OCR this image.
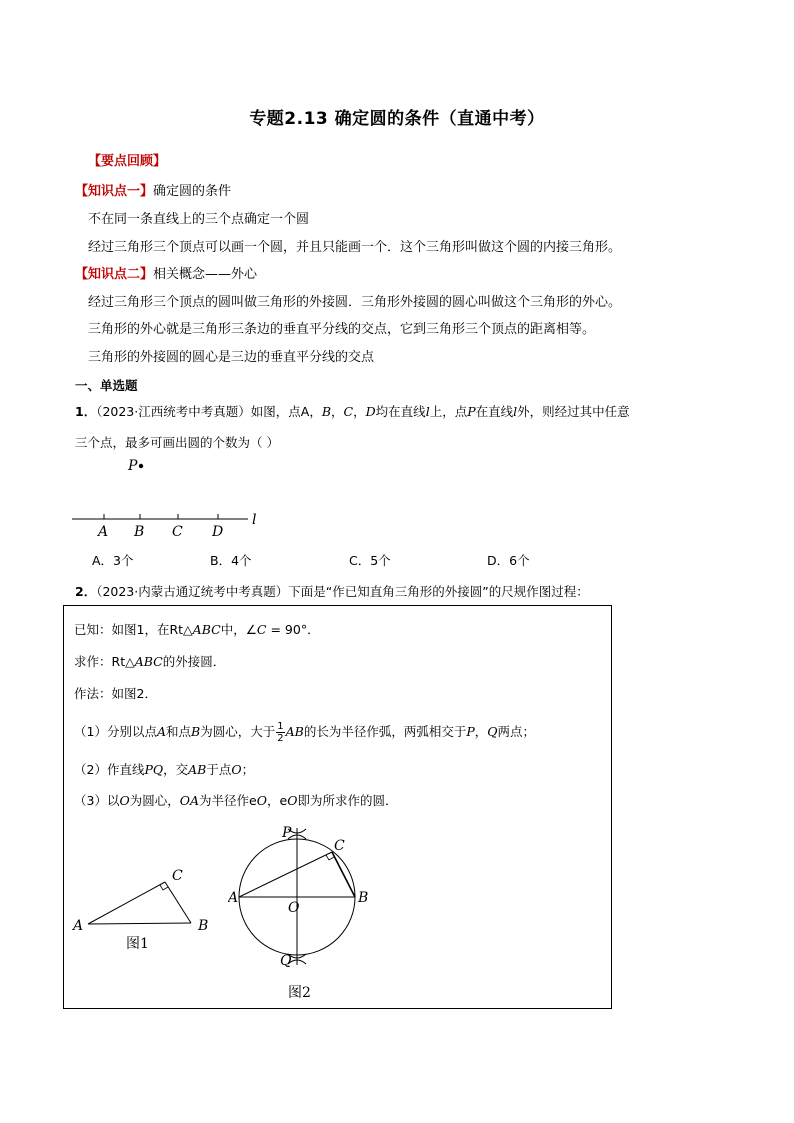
专题2.13 确定圆的条件（直通中考）
【要点回顾】
【知识点一】确定圆的条件
不在同一条直线上的三个点确定一个圆
经过三角形三个顶点可以画一个圆，并且只能画一个．这个三角形叫做这个圆的内接三角形。
【知识点二】相关概念——外心
经过三角形三个顶点的圆叫做三角形的外接圆．三角形外接圆的圆心叫做这个三角形的外心。
三角形的外心就是三角形三条边的垂直平分线的交点，它到三角形三个顶点的距离相等。
三角形的外接圆的圆心是三边的垂直平分线的交点
一、单选题
1．（2023·江西统考中考真题）如图，点A，B，C，D均在直线l上，点P在直线l外，则经过其中任意
三个点，最多可画出圆的个数为（ ）
P
l
A B C D
A．3个	B．4个	C．5个	D．6个
2．（2023·内蒙古通辽统考中考真题）下面是“作已知直角三角形的外接圆”的尺规作图过程：
已知：如图1，在Rt△ABC中，∠C = 90°．
求作：Rt△ABC的外接圆．
作法：如图2．
（1）分别以点A和点B为圆心，大于 $\frac{1}{2}$ AB的长为半径作弧，两弧相交于P，Q两点；
（2）作直线PQ，交AB于点O；
（3）以O为圆心，OA为半径作eO，eO即为所求作的圆．
A	B
C
图1
P
C
A
O
B
Q
图2
